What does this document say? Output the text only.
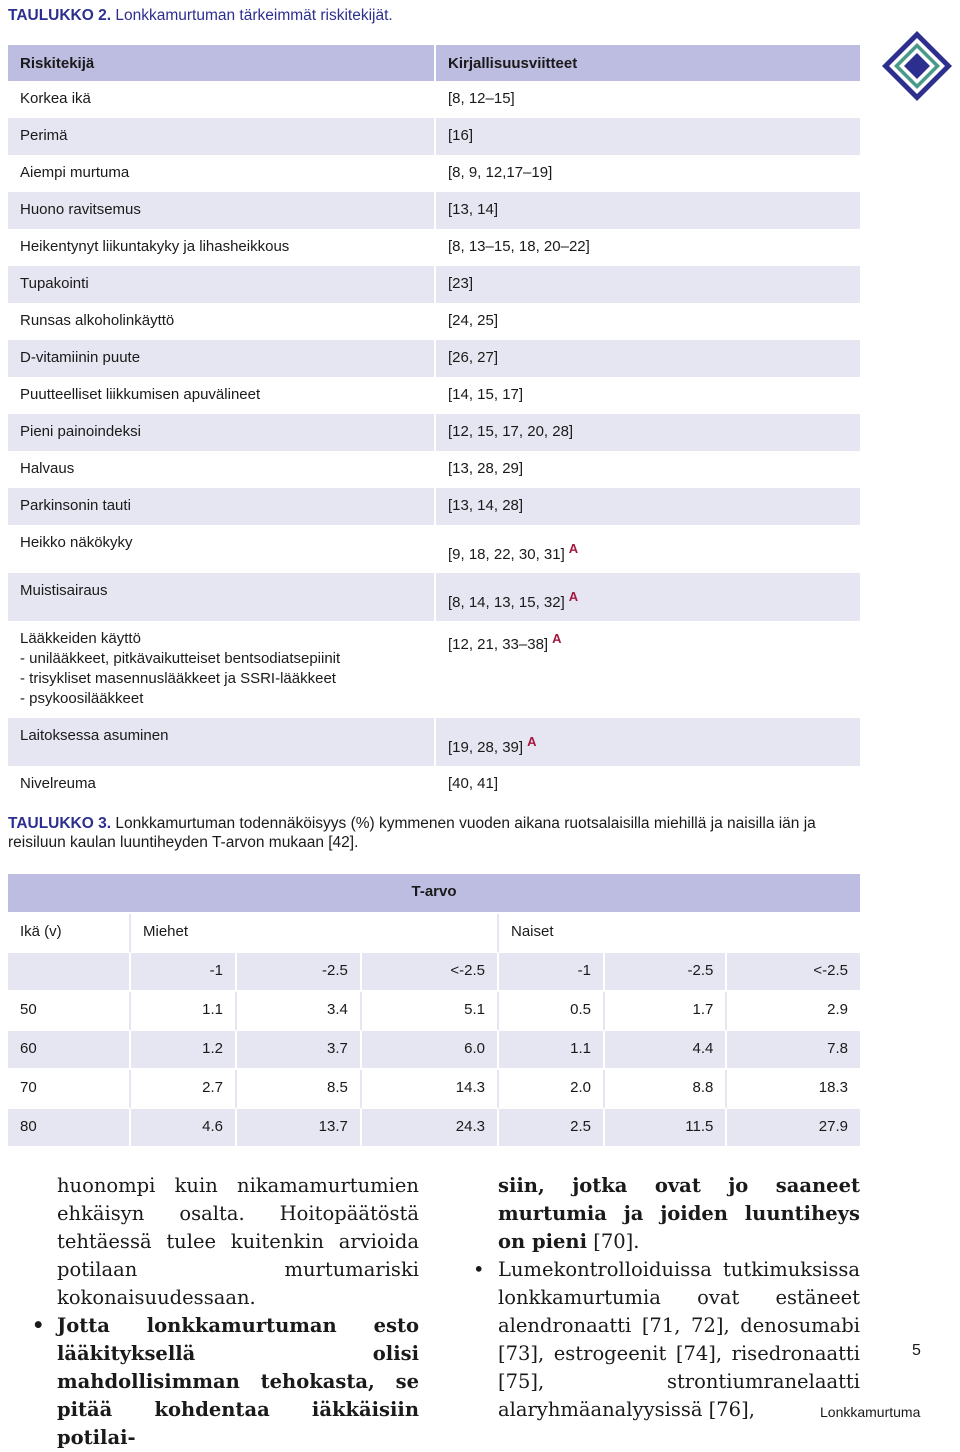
TAULUKKO 2. Lonkkamurtuman tärkeimmät riskitekijät.
Riskitekijä	Kirjallisuusviitteet
Korkea ikä	[8, 12–15]
Perimä	[16]
Aiempi murtuma	[8, 9, 12,17–19]
Huono ravitsemus	[13, 14]
Heikentynyt liikuntakyky ja lihasheikkous	[8, 13–15, 18, 20–22]
Tupakointi	[23]
Runsas alkoholinkäyttö	[24, 25]
D-vitamiinin puute	[26, 27]
Puutteelliset liikkumisen apuvälineet	[14, 15, 17]
Pieni painoindeksi	[12, 15, 17, 20, 28]
Halvaus	[13, 28, 29]
Parkinsonin tauti	[13, 14, 28]
Heikko näkökyky	[9, 18, 22, 30, 31] A
Muistisairaus	[8, 14, 13, 15, 32] A
Lääkkeiden käyttö
- unilääkkeet, pitkävaikutteiset bentsodiatsepiinit
- trisykliset masennuslääkkeet ja SSRI-lääkkeet
- psykoosilääkkeet	[12, 21, 33–38] A
Laitoksessa asuminen	[19, 28, 39] A
Nivelreuma	[40, 41]
TAULUKKO 3. Lonkkamurtuman todennäköisyys (%) kymmenen vuoden aikana ruotsalaisilla miehillä ja naisilla iän ja reisiluun kaulan luuntiheyden T-arvon mukaan [42].
T-arvo						
Ikä (v)	Miehet			Naiset		
	-1	-2.5	<-2.5	-1	-2.5	<-2.5
50	1.1	3.4	5.1	0.5	1.7	2.9
60	1.2	3.7	6.0	1.1	4.4	7.8
70	2.7	8.5	14.3	2.0	8.8	18.3
80	4.6	13.7	24.3	2.5	11.5	27.9
huonompi kuin nikamamurtumien ehkäisyn osalta. Hoitopäätöstä tehtäessä tulee kuitenkin arvioida potilaan murtumariski kokonaisuudessaan.
• Jotta lonkkamurtuman esto lääkityksellä olisi mahdollisimman tehokasta, se pitää kohdentaa iäkkäisiin potilai-
siin, jotka ovat jo saaneet murtumia ja joiden luuntiheys on pieni [70].
• Lumekontrolloiduissa tutkimuksissa lonkkamurtumia ovat estäneet alendronaatti [71, 72], denosumabi [73], estrogeenit [74], risedronaatti [75], strontiumranelaatti alaryhmäanalyysissä [76],
5
Lonkkamurtuma
